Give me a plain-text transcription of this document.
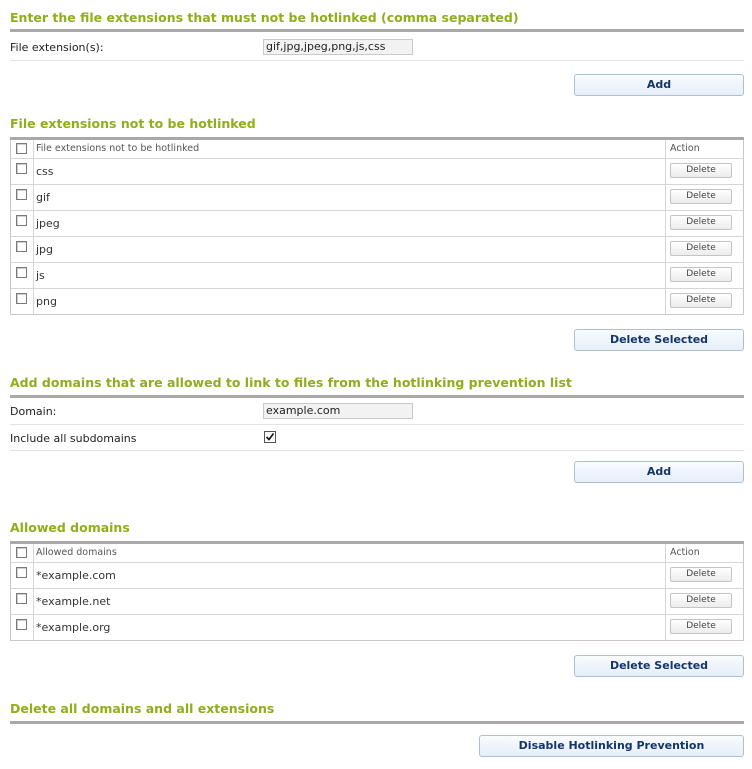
Enter the file extensions that must not be hotlinked (comma separated)
File extension(s):	gif,jpg,jpeg,png,js,css
Add
File extensions not to be hotlinked
File extensions not to be hotlinked	Action
css	Delete
gif	Delete
jpeg	Delete
jpg	Delete
js	Delete
png	Delete
Delete Selected
Add domains that are allowed to link to files from the hotlinking prevention list
Domain:	example.com
Include all subdomains
Add
Allowed domains
Allowed domains	Action
*example.com	Delete
*example.net	Delete
*example.org	Delete
Delete Selected
Delete all domains and all extensions
Disable Hotlinking Prevention
